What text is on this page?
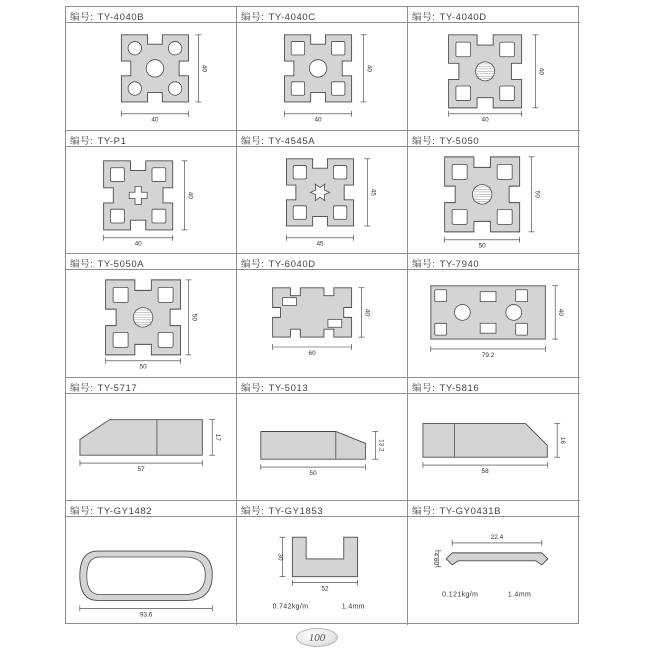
编号: TY-4040B
40
40
编号: TY-4040C
40
40
编号: TY-4040D
40
40
编号: TY-P1
40
40
编号: TY-4545A
45
45
编号: TY-5050
50
50
编号: TY-5050A
50
50
编号: TY-6040D
60
40
编号: TY-7940
79.2
40
编号: TY-5717
57
17
编号: TY-5013
50
13.2
编号: TY-5816
58
16
编号: TY-GY1482
93.6
编号: TY-GY1853
52
30
0.742kg/m	1.4mm
编号: TY-GY0431B
22.4
4.60
0.121kg/m	1.4mm
100
